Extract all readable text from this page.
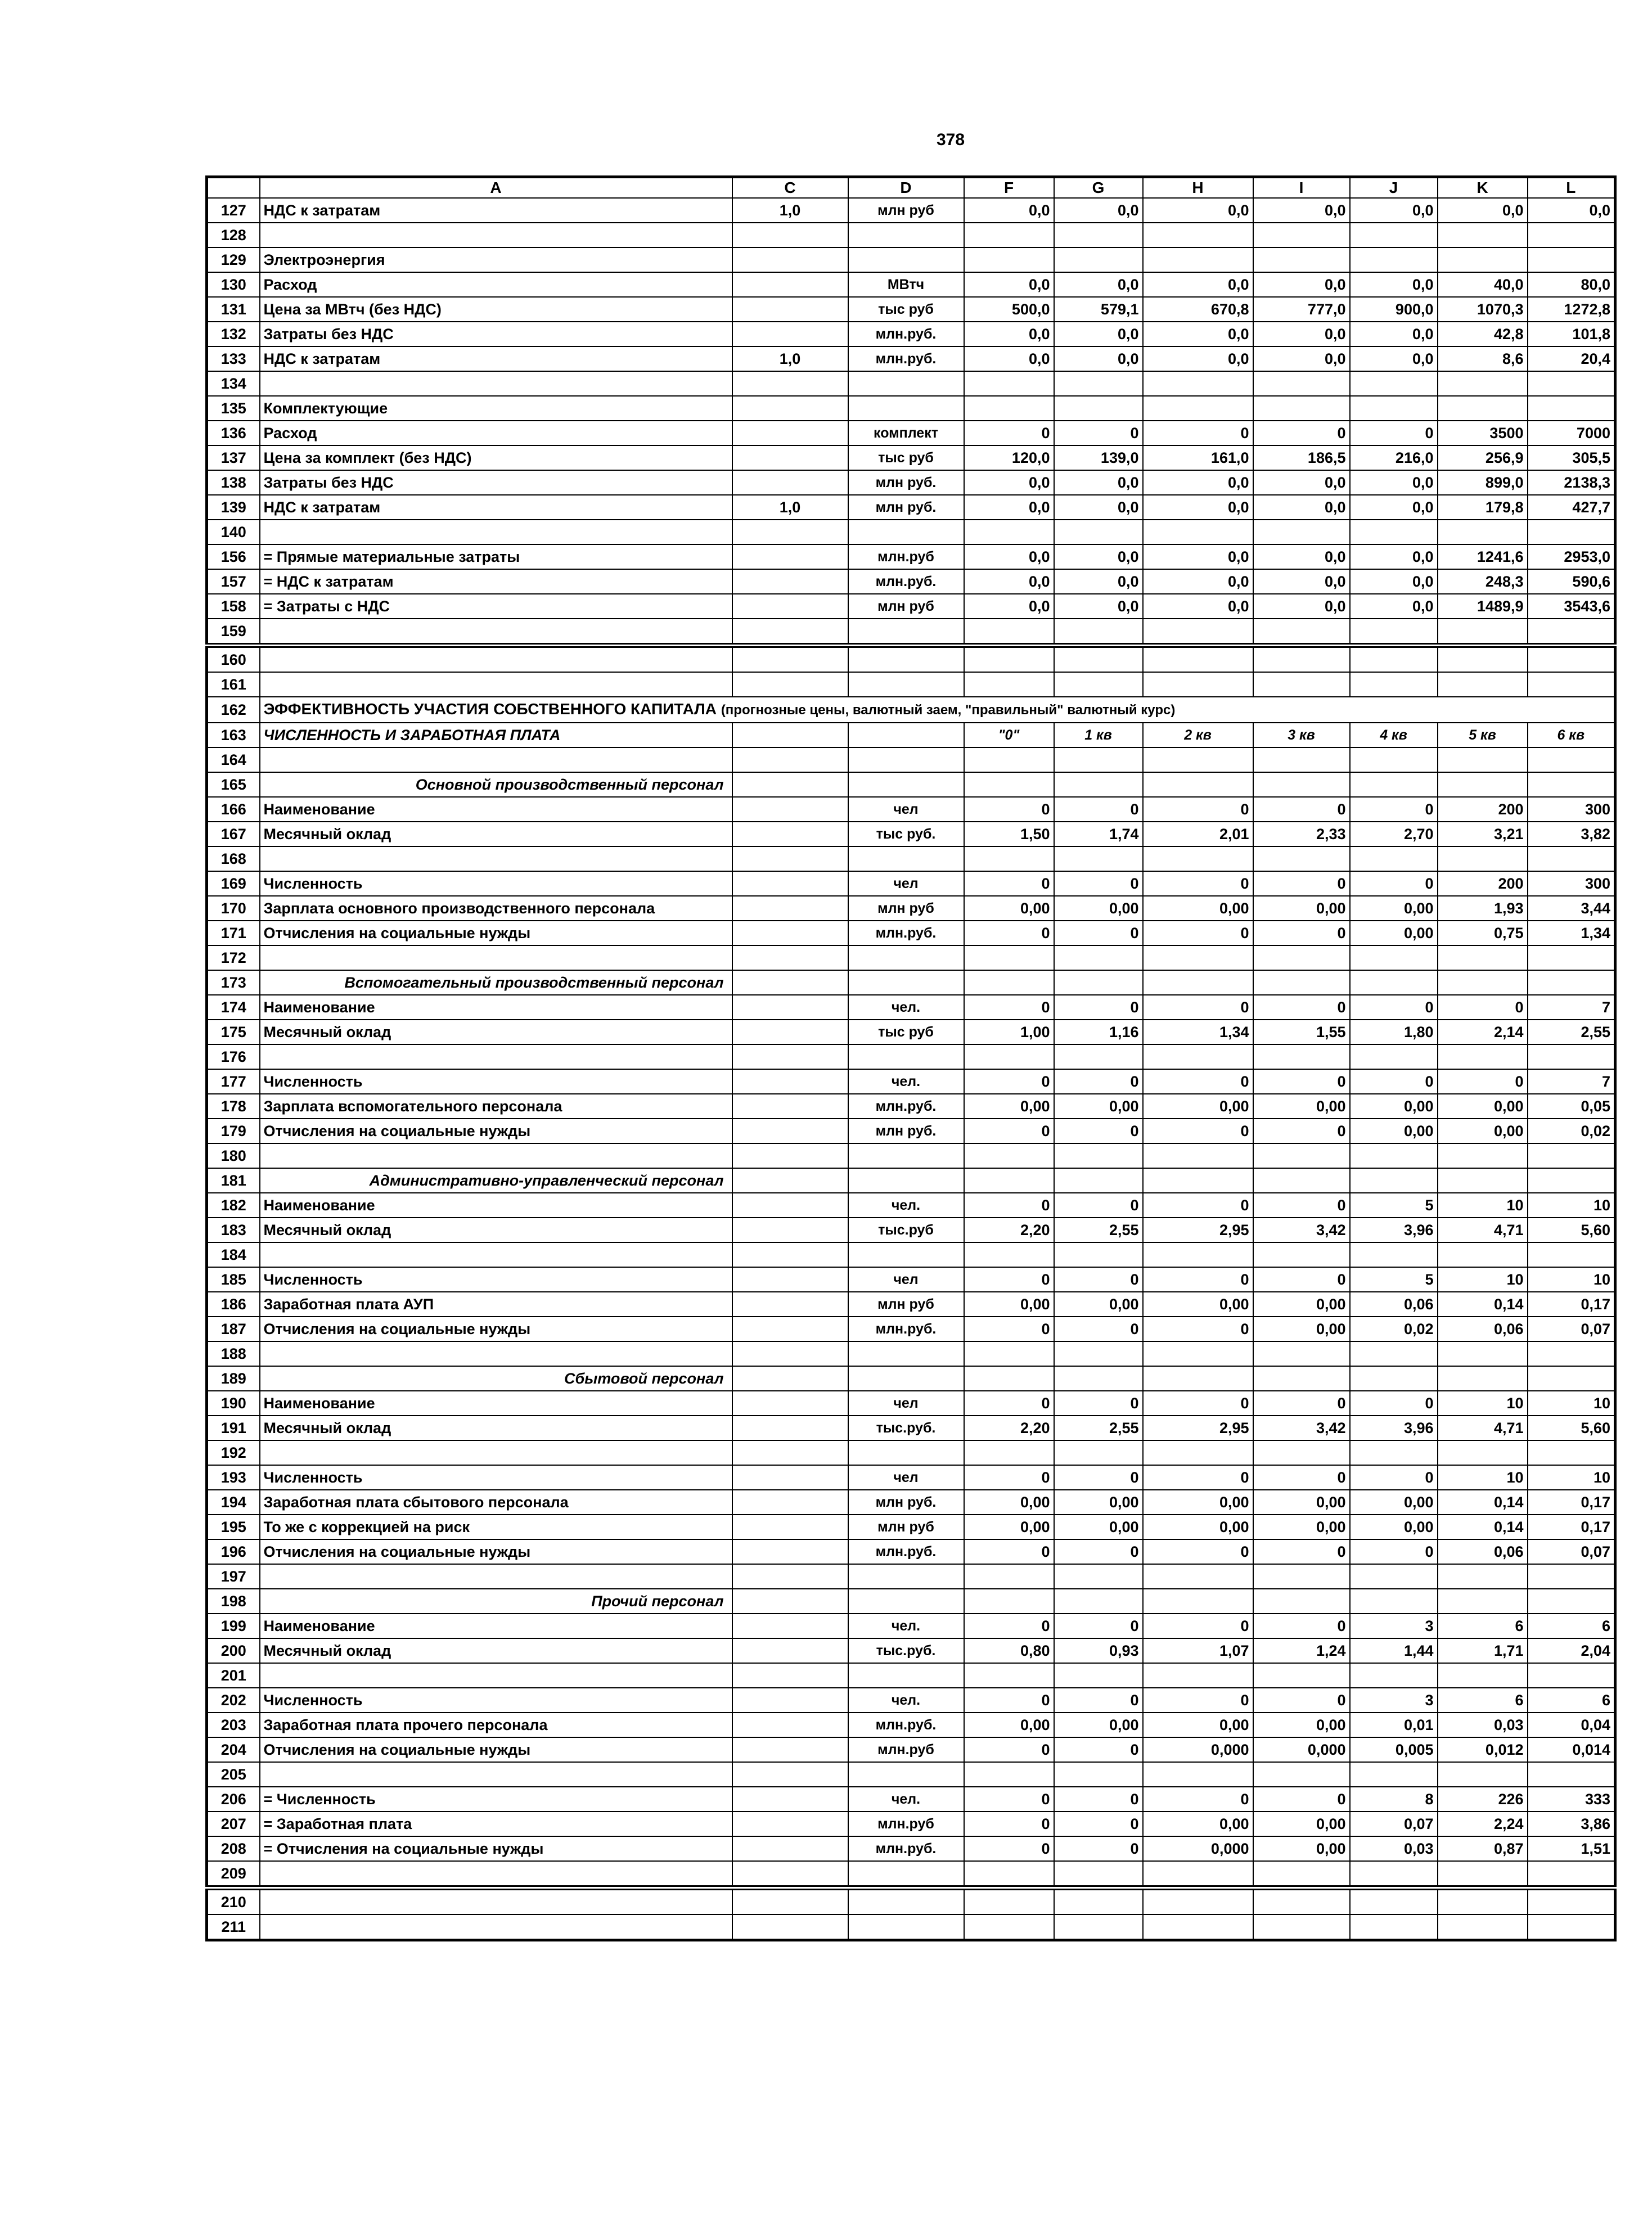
378
	A	C	D	F	G	H	I	J	K	L
127	НДС к затратам	1,0	млн руб	0,0	0,0	0,0	0,0	0,0	0,0	0,0
128										
129	Электроэнергия									
130	Расход		МВтч	0,0	0,0	0,0	0,0	0,0	40,0	80,0
131	Цена за МВтч (без НДС)		тыс руб	500,0	579,1	670,8	777,0	900,0	1070,3	1272,8
132	Затраты без НДС		млн.руб.	0,0	0,0	0,0	0,0	0,0	42,8	101,8
133	НДС к затратам	1,0	млн.руб.	0,0	0,0	0,0	0,0	0,0	8,6	20,4
134										
135	Комплектующие									
136	Расход		комплект	0	0	0	0	0	3500	7000
137	Цена за комплект (без НДС)		тыс руб	120,0	139,0	161,0	186,5	216,0	256,9	305,5
138	Затраты без НДС		млн руб.	0,0	0,0	0,0	0,0	0,0	899,0	2138,3
139	НДС к затратам	1,0	млн руб.	0,0	0,0	0,0	0,0	0,0	179,8	427,7
140										
156	= Прямые материальные затраты		млн.руб	0,0	0,0	0,0	0,0	0,0	1241,6	2953,0
157	= НДС к затратам		млн.руб.	0,0	0,0	0,0	0,0	0,0	248,3	590,6
158	= Затраты с НДС		млн руб	0,0	0,0	0,0	0,0	0,0	1489,9	3543,6
159										
160										
161										
162	ЭФФЕКТИВНОСТЬ УЧАСТИЯ СОБСТВЕННОГО КАПИТАЛА (прогнозные цены, валютный заем, "правильный" валютный курс)									
163	ЧИСЛЕННОСТЬ И ЗАРАБОТНАЯ ПЛАТА			"0"	1 кв	2 кв	3 кв	4 кв	5 кв	6 кв
164										
165	Основной производственный персонал									
166	Наименование		чел	0	0	0	0	0	200	300
167	Месячный оклад		тыс руб.	1,50	1,74	2,01	2,33	2,70	3,21	3,82
168										
169	Численность		чел	0	0	0	0	0	200	300
170	Зарплата основного производственного персонала		млн руб	0,00	0,00	0,00	0,00	0,00	1,93	3,44
171	Отчисления на социальные нужды		млн.руб.	0	0	0	0	0,00	0,75	1,34
172										
173	Вспомогательный производственный персонал									
174	Наименование		чел.	0	0	0	0	0	0	7
175	Месячный оклад		тыс руб	1,00	1,16	1,34	1,55	1,80	2,14	2,55
176										
177	Численность		чел.	0	0	0	0	0	0	7
178	Зарплата вспомогательного персонала		млн.руб.	0,00	0,00	0,00	0,00	0,00	0,00	0,05
179	Отчисления на социальные нужды		млн руб.	0	0	0	0	0,00	0,00	0,02
180										
181	Административно-управленческий персонал									
182	Наименование		чел.	0	0	0	0	5	10	10
183	Месячный оклад		тыс.руб	2,20	2,55	2,95	3,42	3,96	4,71	5,60
184										
185	Численность		чел	0	0	0	0	5	10	10
186	Заработная плата АУП		млн руб	0,00	0,00	0,00	0,00	0,06	0,14	0,17
187	Отчисления на социальные нужды		млн.руб.	0	0	0	0,00	0,02	0,06	0,07
188										
189	Сбытовой персонал									
190	Наименование		чел	0	0	0	0	0	10	10
191	Месячный оклад		тыс.руб.	2,20	2,55	2,95	3,42	3,96	4,71	5,60
192										
193	Численность		чел	0	0	0	0	0	10	10
194	Заработная плата сбытового персонала		млн руб.	0,00	0,00	0,00	0,00	0,00	0,14	0,17
195	То же с коррекцией на риск		млн руб	0,00	0,00	0,00	0,00	0,00	0,14	0,17
196	Отчисления на социальные нужды		млн.руб.	0	0	0	0	0	0,06	0,07
197										
198	Прочий персонал									
199	Наименование		чел.	0	0	0	0	3	6	6
200	Месячный оклад		тыс.руб.	0,80	0,93	1,07	1,24	1,44	1,71	2,04
201										
202	Численность		чел.	0	0	0	0	3	6	6
203	Заработная плата прочего персонала		млн.руб.	0,00	0,00	0,00	0,00	0,01	0,03	0,04
204	Отчисления на социальные нужды		млн.руб	0	0	0,000	0,000	0,005	0,012	0,014
205										
206	= Численность		чел.	0	0	0	0	8	226	333
207	= Заработная плата		млн.руб	0	0	0,00	0,00	0,07	2,24	3,86
208	= Отчисления на социальные нужды		млн.руб.	0	0	0,000	0,00	0,03	0,87	1,51
209										
210										
211										
